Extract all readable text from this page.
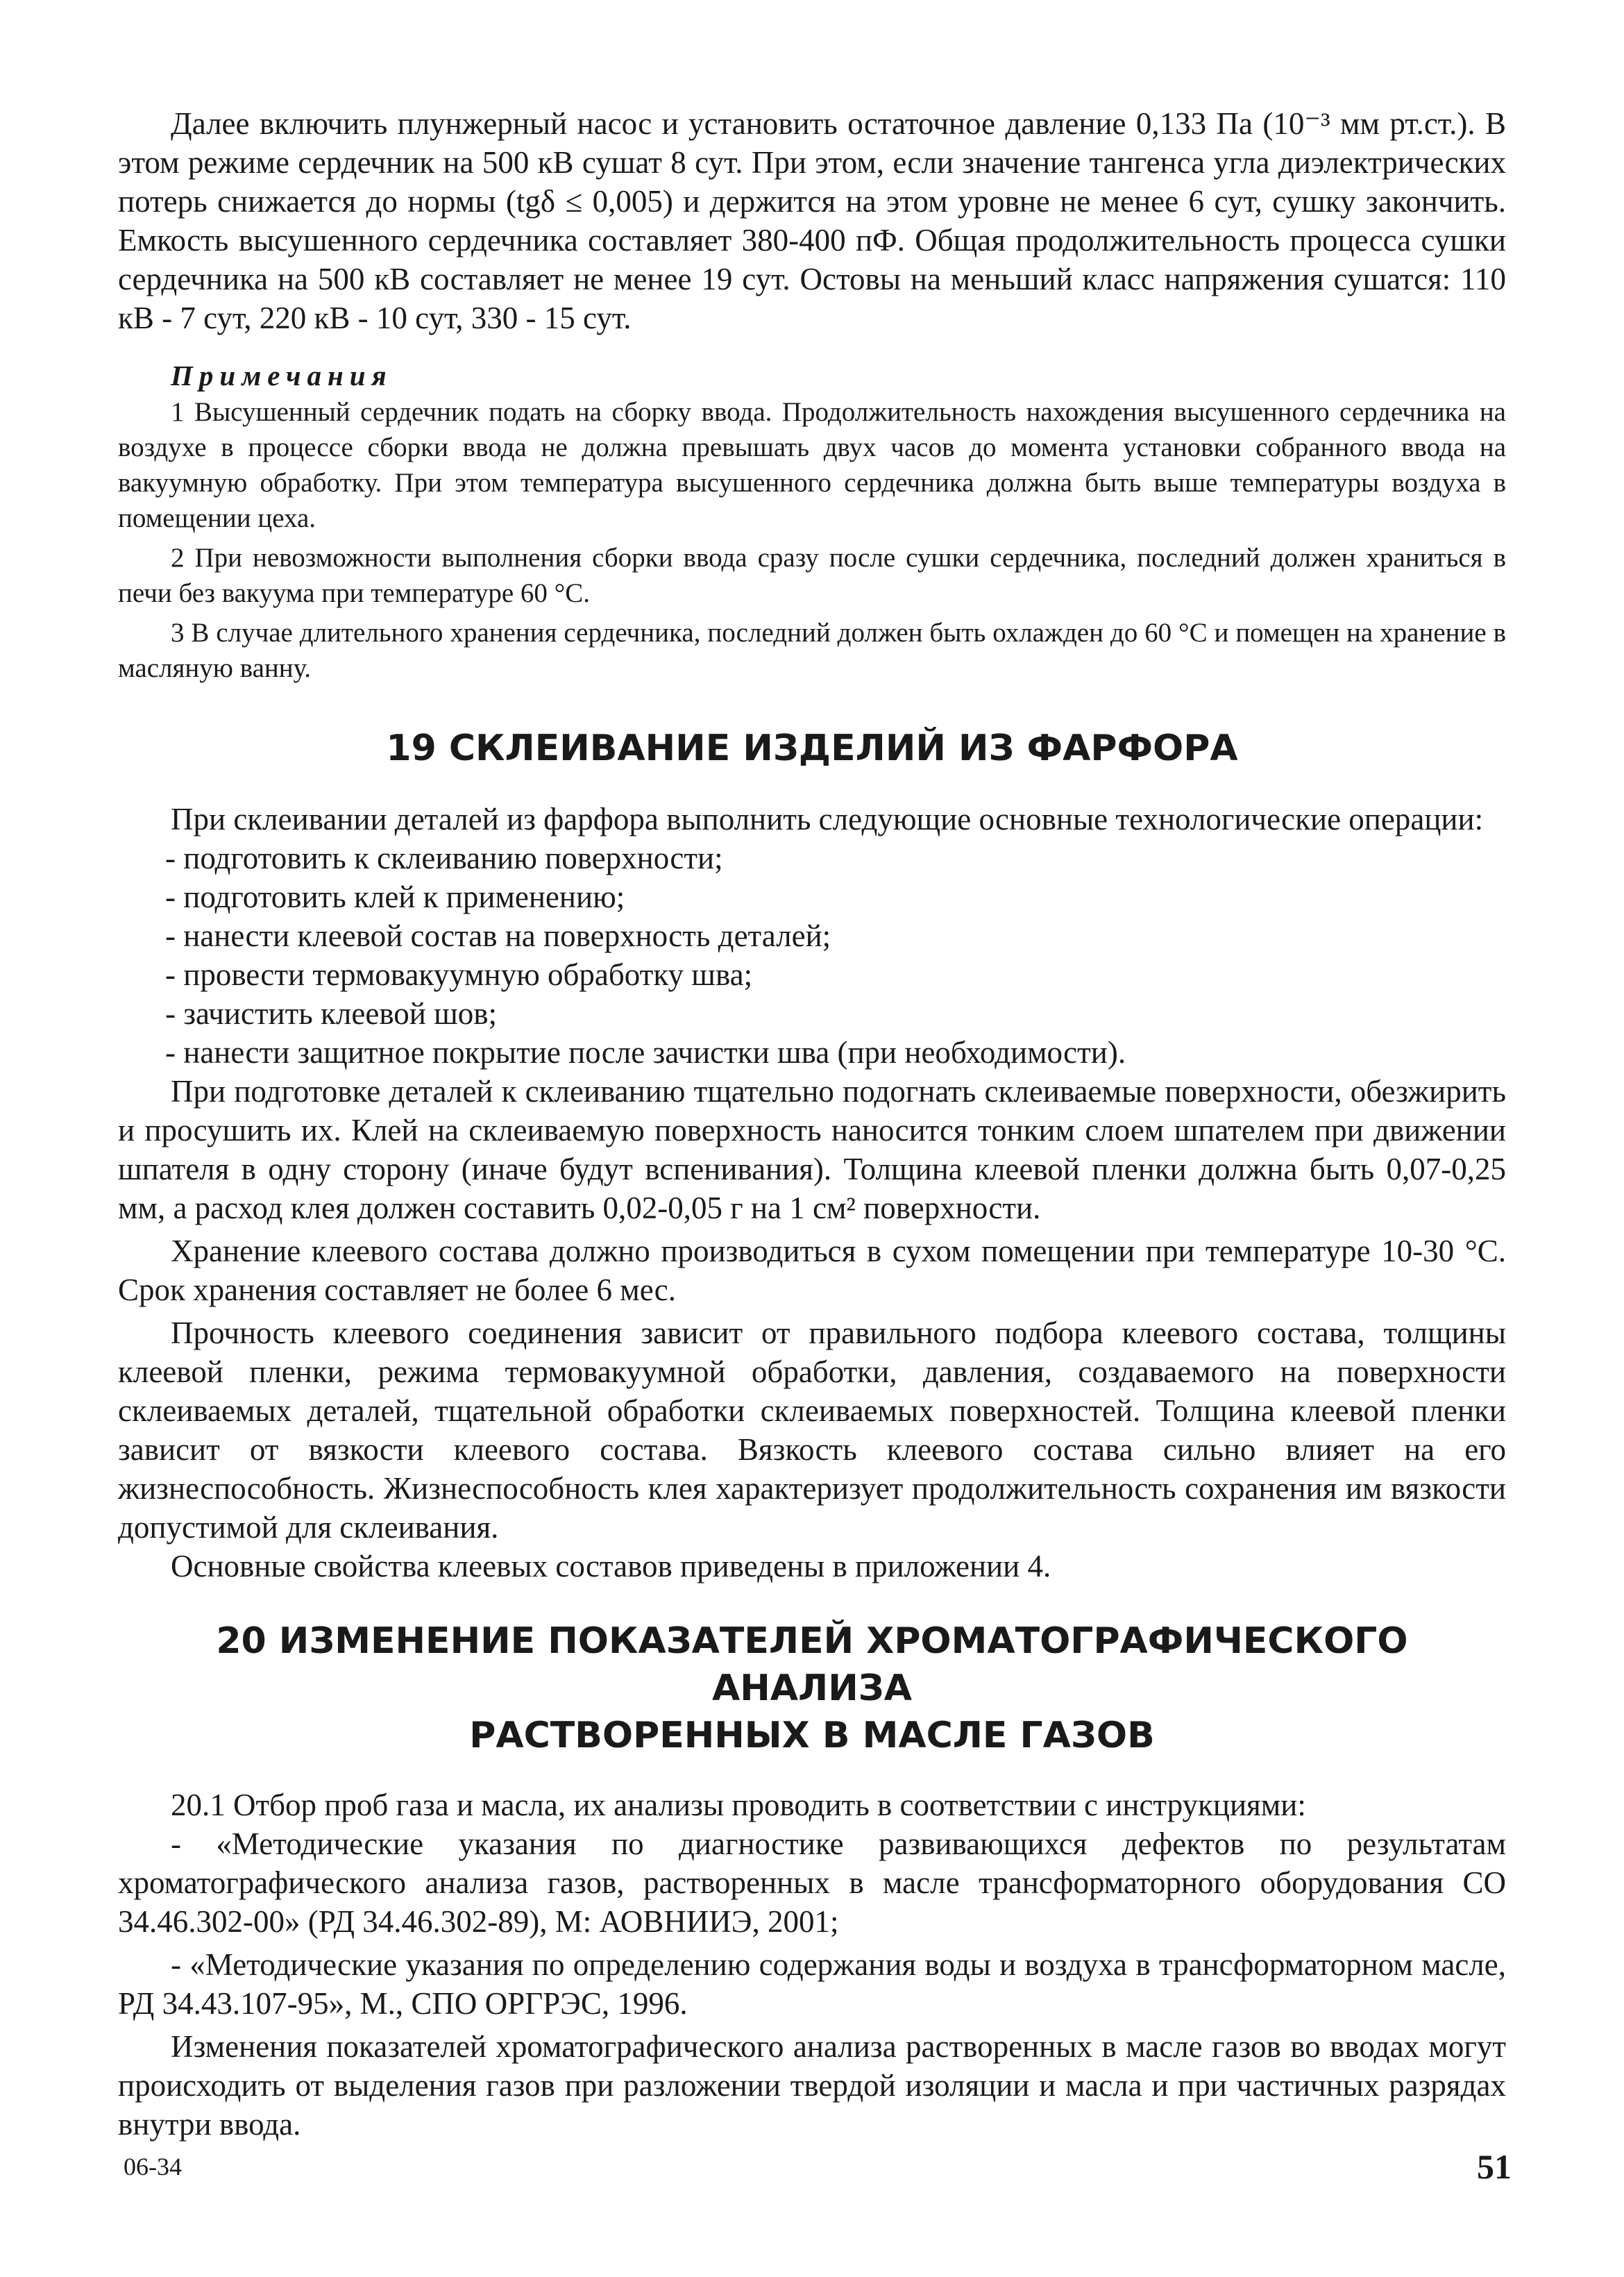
Далее включить плунжерный насос и установить остаточное давление 0,133 Па (10⁻³ мм рт.ст.). В этом режиме сердечник на 500 кВ сушат 8 сут. При этом, если значение тангенса угла диэлектрических потерь снижается до нормы (tgδ ≤ 0,005) и держится на этом уровне не менее 6 сут, сушку закончить. Емкость высушенного сердечника составляет 380-400 пФ. Общая продолжительность процесса сушки сердечника на 500 кВ составляет не менее 19 сут. Остовы на меньший класс напряжения сушатся: 110 кВ - 7 сут, 220 кВ - 10 сут, 330 - 15 сут.

Примечания
1 Высушенный сердечник подать на сборку ввода. Продолжительность нахождения высушенного сердечника на воздухе в процессе сборки ввода не должна превышать двух часов до момента установки собранного ввода на вакуумную обработку. При этом температура высушенного сердечника должна быть выше температуры воздуха в помещении цеха.
2 При невозможности выполнения сборки ввода сразу после сушки сердечника, последний должен храниться в печи без вакуума при температуре 60 °С.
3 В случае длительного хранения сердечника, последний должен быть охлажден до 60 °С и помещен на хранение в масляную ванну.
19 СКЛЕИВАНИЕ ИЗДЕЛИЙ ИЗ ФАРФОРА

При склеивании деталей из фарфора выполнить следующие основные технологические операции:

- подготовить к склеиванию поверхности;
- подготовить клей к применению;
- нанести клеевой состав на поверхность деталей;
- провести термовакуумную обработку шва;
- зачистить клеевой шов;
- нанести защитное покрытие после зачистки шва (при необходимости).

При подготовке деталей к склеиванию тщательно подогнать склеиваемые поверхности, обезжирить и просушить их. Клей на склеиваемую поверхность наносится тонким слоем шпателем при движении шпателя в одну сторону (иначе будут вспенивания). Толщина клеевой пленки должна быть 0,07-0,25 мм, а расход клея должен составить 0,02-0,05 г на 1 см² поверхности.

Хранение клеевого состава должно производиться в сухом помещении при температуре 10-30 °С. Срок хранения составляет не более 6 мес.

Прочность клеевого соединения зависит от правильного подбора клеевого состава, толщины клеевой пленки, режима термовакуумной обработки, давления, создаваемого на поверхности склеиваемых деталей, тщательной обработки склеиваемых поверхностей. Толщина клеевой пленки зависит от вязкости клеевого состава. Вязкость клеевого состава сильно влияет на его жизнеспособность. Жизнеспособность клея характеризует продолжительность сохранения им вязкости допустимой для склеивания.

Основные свойства клеевых составов приведены в приложении 4.

20 ИЗМЕНЕНИЕ ПОКАЗАТЕЛЕЙ ХРОМАТОГРАФИЧЕСКОГО АНАЛИЗА
РАСТВОРЕННЫХ В МАСЛЕ ГАЗОВ

20.1 Отбор проб газа и масла, их анализы проводить в соответствии с инструкциями:

- «Методические указания по диагностике развивающихся дефектов по результатам хроматографического анализа газов, растворенных в масле трансформаторного оборудования СО 34.46.302-00» (РД 34.46.302-89), М: АОВНИИЭ, 2001;

- «Методические указания по определению содержания воды и воздуха в трансформаторном масле, РД 34.43.107-95», М., СПО ОРГРЭС, 1996.

Изменения показателей хроматографического анализа растворенных в масле газов во вводах могут происходить от выделения газов при разложении твердой изоляции и масла и при частичных разрядах внутри ввода.

06-34	51
